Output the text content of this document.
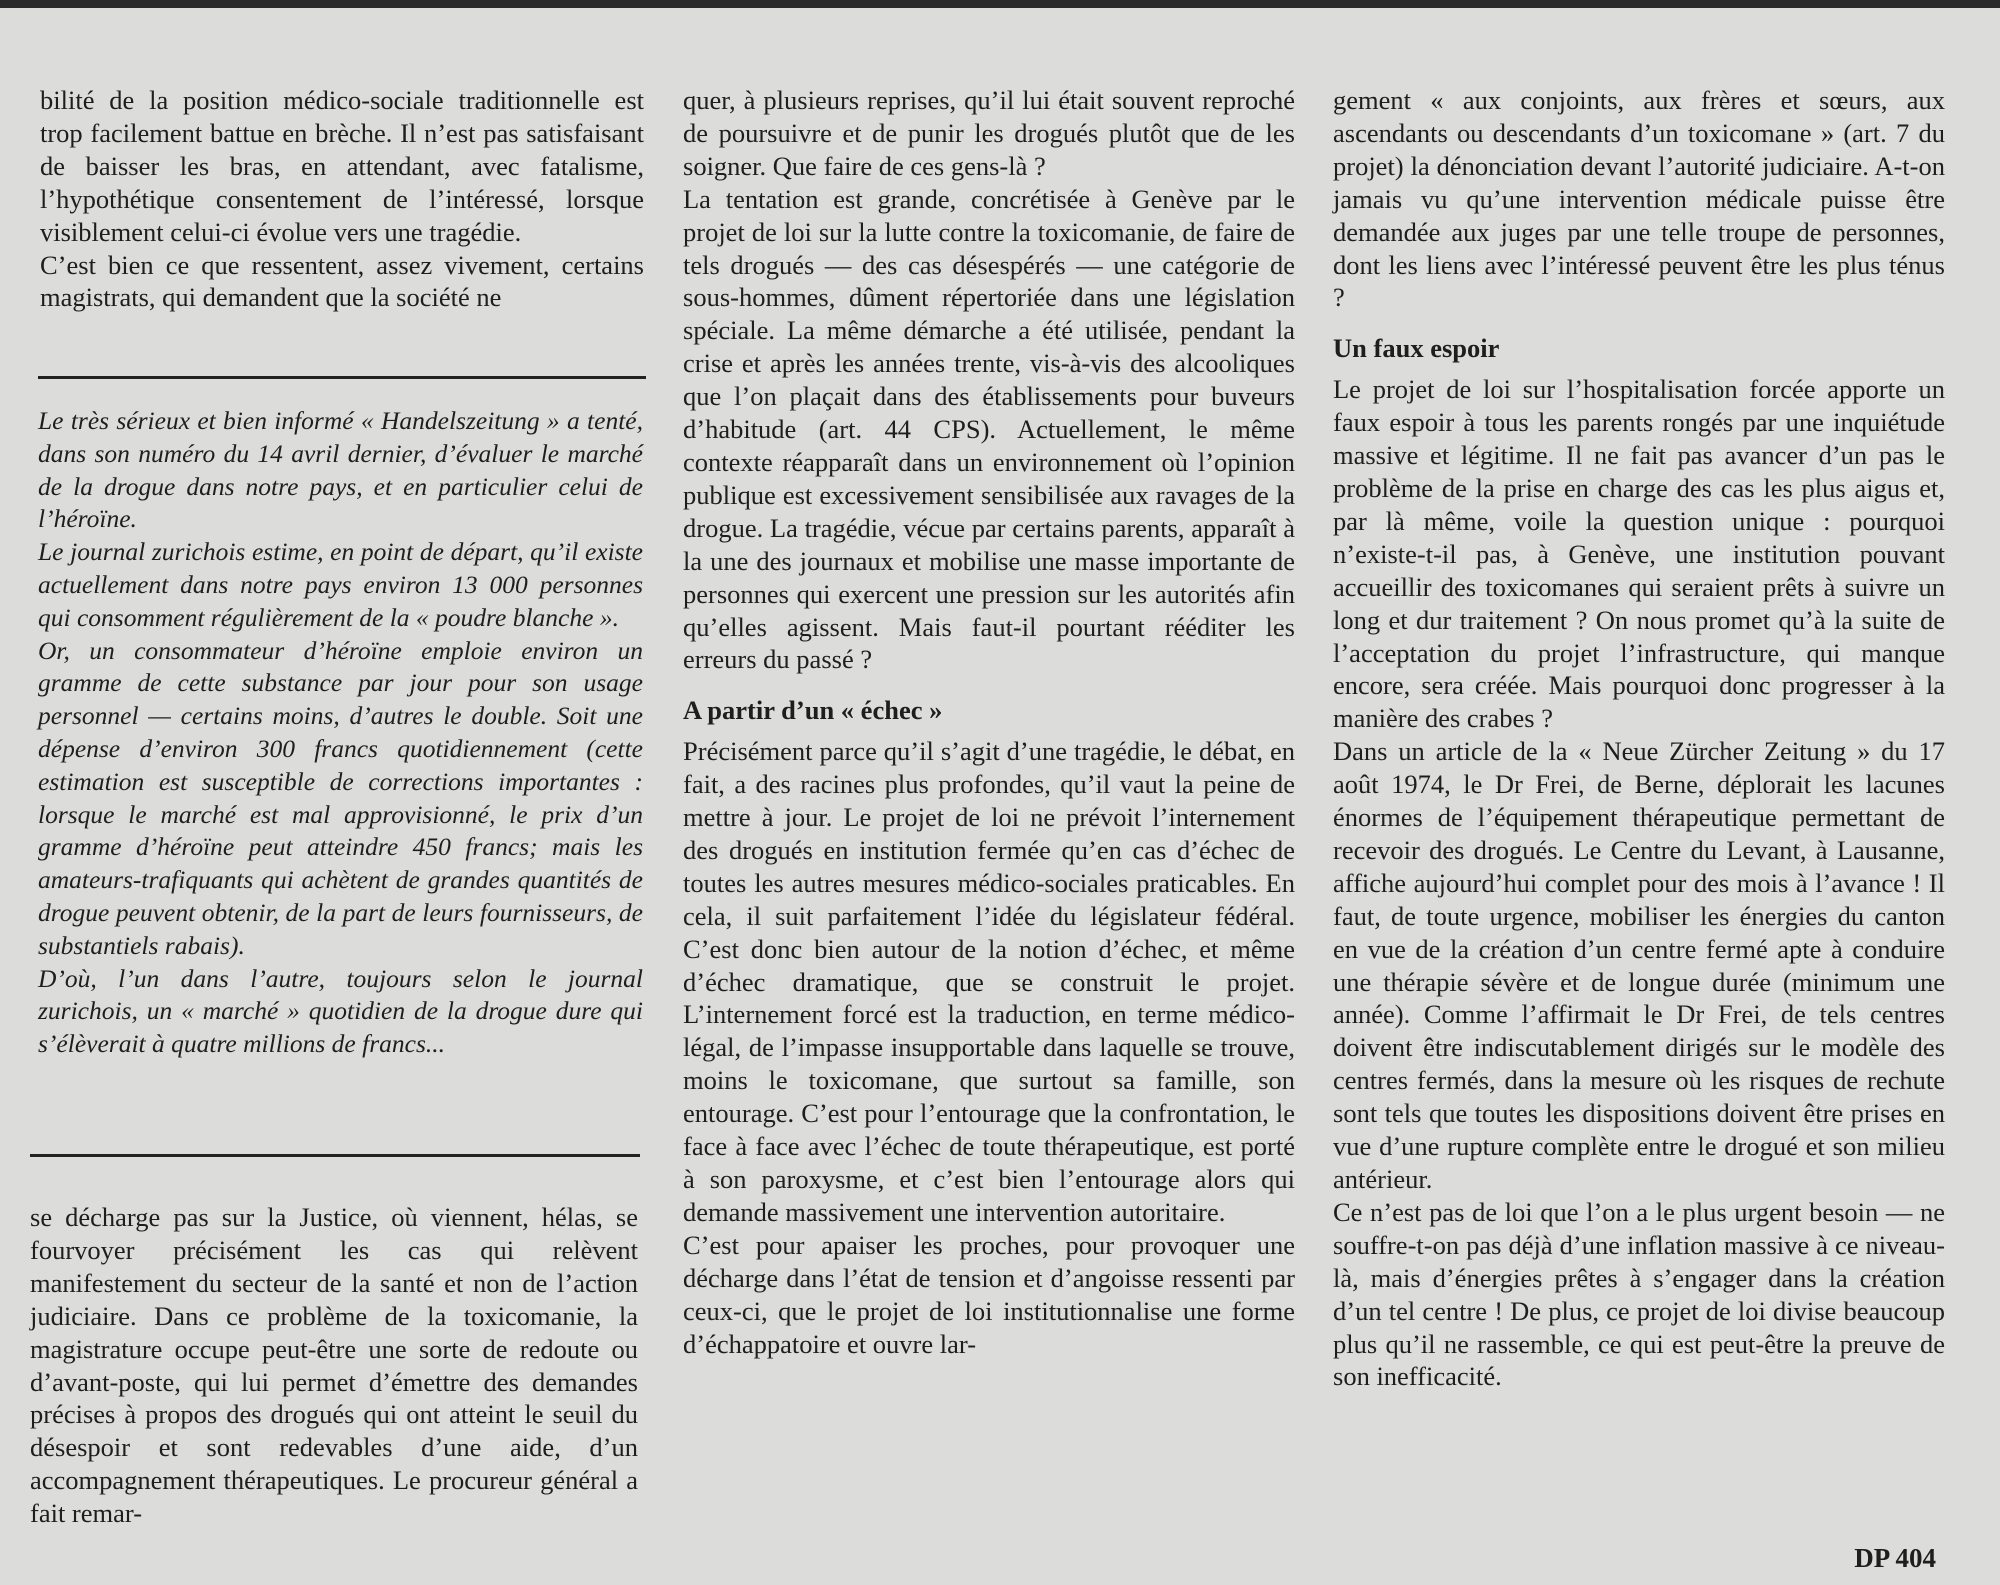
bilité de la position médico-sociale traditionnelle est trop facilement battue en brèche. Il n’est pas satisfaisant de baisser les bras, en attendant, avec fatalisme, l’hypothétique consentement de l’intéressé, lorsque visiblement celui-ci évolue vers une tragédie.

C’est bien ce que ressentent, assez vivement, certains magistrats, qui demandent que la société ne

Le très sérieux et bien informé « Handelszeitung » a tenté, dans son numéro du 14 avril dernier, d’évaluer le marché de la drogue dans notre pays, et en particulier celui de l’héroïne.

Le journal zurichois estime, en point de départ, qu’il existe actuellement dans notre pays environ 13 000 personnes qui consomment régulièrement de la « poudre blanche ».

Or, un consommateur d’héroïne emploie environ un gramme de cette substance par jour pour son usage personnel — certains moins, d’autres le double. Soit une dépense d’environ 300 francs quotidiennement (cette estimation est susceptible de corrections importantes : lorsque le marché est mal approvisionné, le prix d’un gramme d’héroïne peut atteindre 450 francs; mais les amateurs-trafiquants qui achètent de grandes quantités de drogue peuvent obtenir, de la part de leurs fournisseurs, de substantiels rabais).

D’où, l’un dans l’autre, toujours selon le journal zurichois, un « marché » quotidien de la drogue dure qui s’élèverait à quatre millions de francs...

se décharge pas sur la Justice, où viennent, hélas, se fourvoyer précisément les cas qui relèvent manifestement du secteur de la santé et non de l’action judiciaire. Dans ce problème de la toxicomanie, la magistrature occupe peut-être une sorte de redoute ou d’avant-poste, qui lui permet d’émettre des demandes précises à propos des drogués qui ont atteint le seuil du désespoir et sont redevables d’une aide, d’un accompagnement thérapeutiques. Le procureur général a fait remar-

quer, à plusieurs reprises, qu’il lui était souvent reproché de poursuivre et de punir les drogués plutôt que de les soigner. Que faire de ces gens-là ?

La tentation est grande, concrétisée à Genève par le projet de loi sur la lutte contre la toxicomanie, de faire de tels drogués — des cas désespérés — une catégorie de sous-hommes, dûment répertoriée dans une législation spéciale. La même démarche a été utilisée, pendant la crise et après les années trente, vis-à-vis des alcooliques que l’on plaçait dans des établissements pour buveurs d’habitude (art. 44 CPS). Actuellement, le même contexte réapparaît dans un environnement où l’opinion publique est excessivement sensibilisée aux ravages de la drogue. La tragédie, vécue par certains parents, apparaît à la une des journaux et mobilise une masse importante de personnes qui exercent une pression sur les autorités afin qu’elles agissent. Mais faut-il pourtant rééditer les erreurs du passé ?

A partir d’un « échec »

Précisément parce qu’il s’agit d’une tragédie, le débat, en fait, a des racines plus profondes, qu’il vaut la peine de mettre à jour. Le projet de loi ne prévoit l’internement des drogués en institution fermée qu’en cas d’échec de toutes les autres mesures médico-sociales praticables. En cela, il suit parfaitement l’idée du législateur fédéral. C’est donc bien autour de la notion d’échec, et même d’échec dramatique, que se construit le projet. L’internement forcé est la traduction, en terme médico-légal, de l’impasse insupportable dans laquelle se trouve, moins le toxicomane, que surtout sa famille, son entourage. C’est pour l’entourage que la confrontation, le face à face avec l’échec de toute thérapeutique, est porté à son paroxysme, et c’est bien l’entourage alors qui demande massivement une intervention autoritaire.

C’est pour apaiser les proches, pour provoquer une décharge dans l’état de tension et d’angoisse ressenti par ceux-ci, que le projet de loi institutionnalise une forme d’échappatoire et ouvre lar-

gement « aux conjoints, aux frères et sœurs, aux ascendants ou descendants d’un toxicomane » (art. 7 du projet) la dénonciation devant l’autorité judiciaire. A-t-on jamais vu qu’une intervention médicale puisse être demandée aux juges par une telle troupe de personnes, dont les liens avec l’intéressé peuvent être les plus ténus ?

Un faux espoir

Le projet de loi sur l’hospitalisation forcée apporte un faux espoir à tous les parents rongés par une inquiétude massive et légitime. Il ne fait pas avancer d’un pas le problème de la prise en charge des cas les plus aigus et, par là même, voile la question unique : pourquoi n’existe-t-il pas, à Genève, une institution pouvant accueillir des toxicomanes qui seraient prêts à suivre un long et dur traitement ? On nous promet qu’à la suite de l’acceptation du projet l’infrastructure, qui manque encore, sera créée. Mais pourquoi donc progresser à la manière des crabes ?

Dans un article de la « Neue Zürcher Zeitung » du 17 août 1974, le Dr Frei, de Berne, déplorait les lacunes énormes de l’équipement thérapeutique permettant de recevoir des drogués. Le Centre du Levant, à Lausanne, affiche aujourd’hui complet pour des mois à l’avance ! Il faut, de toute urgence, mobiliser les énergies du canton en vue de la création d’un centre fermé apte à conduire une thérapie sévère et de longue durée (minimum une année). Comme l’affirmait le Dr Frei, de tels centres doivent être indiscutablement dirigés sur le modèle des centres fermés, dans la mesure où les risques de rechute sont tels que toutes les dispositions doivent être prises en vue d’une rupture complète entre le drogué et son milieu antérieur.

Ce n’est pas de loi que l’on a le plus urgent besoin — ne souffre-t-on pas déjà d’une inflation massive à ce niveau-là, mais d’énergies prêtes à s’engager dans la création d’un tel centre ! De plus, ce projet de loi divise beaucoup plus qu’il ne rassemble, ce qui est peut-être la preuve de son inefficacité.

DP 404
